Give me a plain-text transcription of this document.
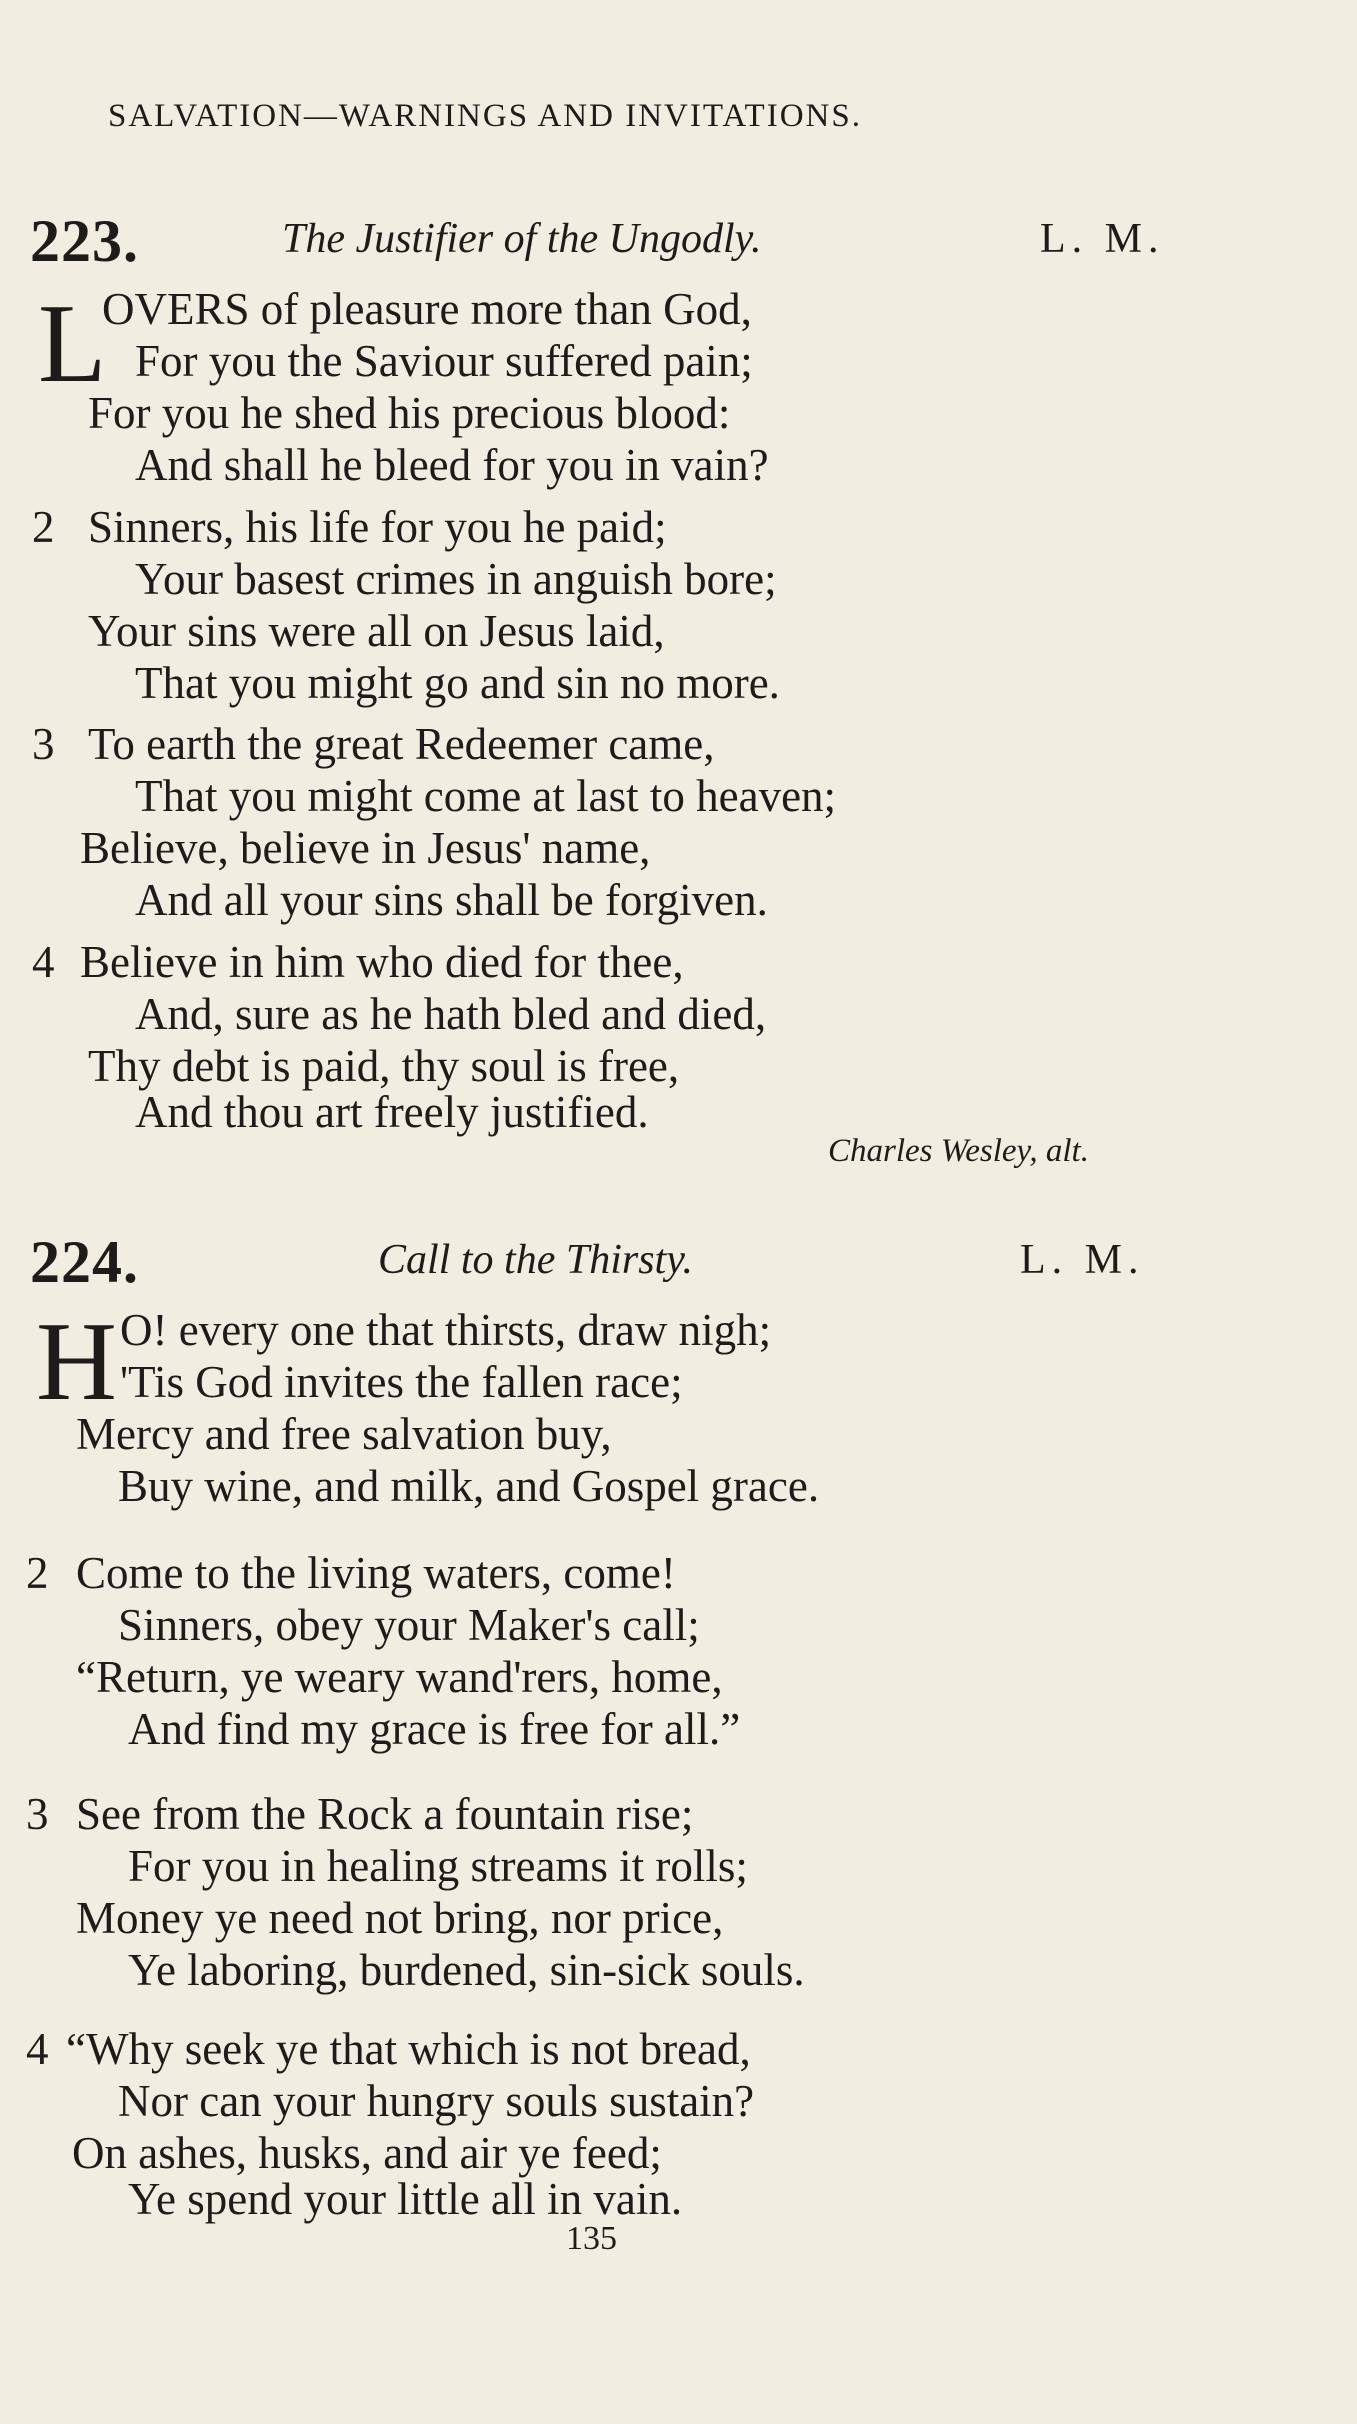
SALVATION—WARNINGS AND INVITATIONS.
223.	The Justifier of the Ungodly.	L. M.
L
OVERS of pleasure more than God,
For you the Saviour suffered pain;
For you he shed his precious blood:
And shall he bleed for you in vain?
2 Sinners, his life for you he paid;
Your basest crimes in anguish bore;
Your sins were all on Jesus laid,
That you might go and sin no more.
3 To earth the great Redeemer came,
That you might come at last to heaven;
Believe, believe in Jesus' name,
And all your sins shall be forgiven.
4 Believe in him who died for thee,
And, sure as he hath bled and died,
Thy debt is paid, thy soul is free,
And thou art freely justified.
Charles Wesley, alt.
224.	Call to the Thirsty.	L. M.
H O! every one that thirsts, draw nigh;
'Tis God invites the fallen race;
Mercy and free salvation buy,
Buy wine, and milk, and Gospel grace.
2 Come to the living waters, come!
Sinners, obey your Maker's call;
“Return, ye weary wand'rers, home,
And find my grace is free for all.”
3 See from the Rock a fountain rise;
For you in healing streams it rolls;
Money ye need not bring, nor price,
Ye laboring, burdened, sin-sick souls.
4 “Why seek ye that which is not bread,
Nor can your hungry souls sustain?
On ashes, husks, and air ye feed;
Ye spend your little all in vain.
135
